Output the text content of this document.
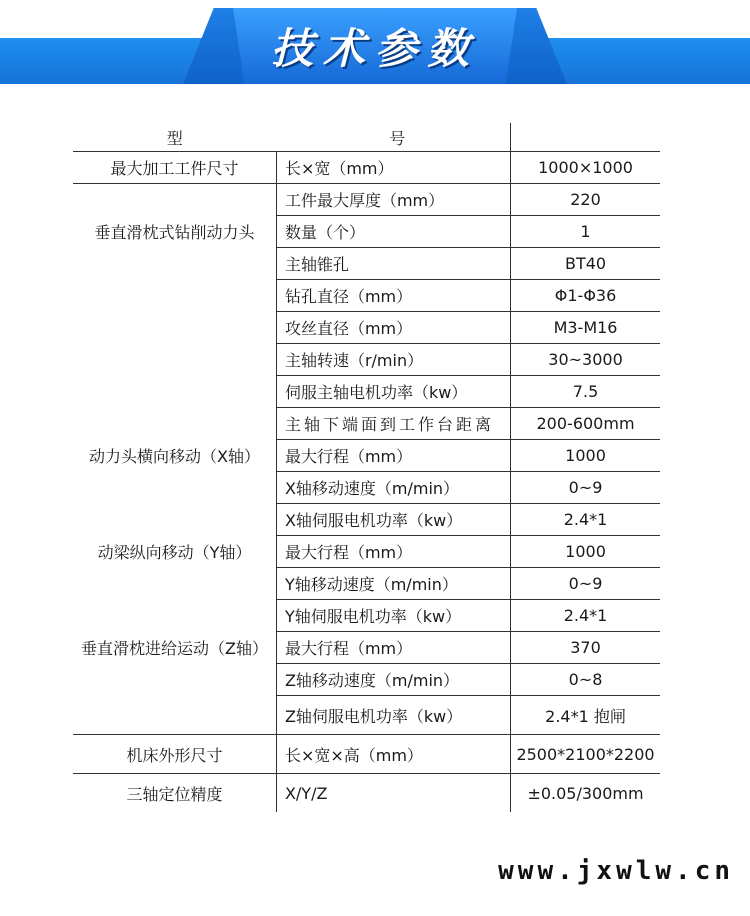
技术参数
型	号	
最大加工工件尺寸	长×宽（mm）	1000×1000
	工件最大厚度（mm）	220
垂直滑枕式钻削动力头	数量（个）	1
	主轴锥孔	BT40
	钻孔直径（mm）	Φ1-Φ36
	攻丝直径（mm）	M3-M16
	主轴转速（r/min）	30~3000
	伺服主轴电机功率（kw）	7.5
	主轴下端面到工作台距离	200-600mm
动力头横向移动（X轴）	最大行程（mm）	1000
	X轴移动速度（m/min）	0~9
	X轴伺服电机功率（kw）	2.4*1
动梁纵向移动（Y轴）	最大行程（mm）	1000
	Y轴移动速度（m/min）	0~9
	Y轴伺服电机功率（kw）	2.4*1
垂直滑枕进给运动（Z轴）	最大行程（mm）	370
	Z轴移动速度（m/min）	0~8
	Z轴伺服电机功率（kw）	2.4*1 抱闸
机床外形尺寸	长×宽×高（mm）	2500*2100*2200
三轴定位精度	X/Y/Z	±0.05/300mm
www.jxwlw.cn
